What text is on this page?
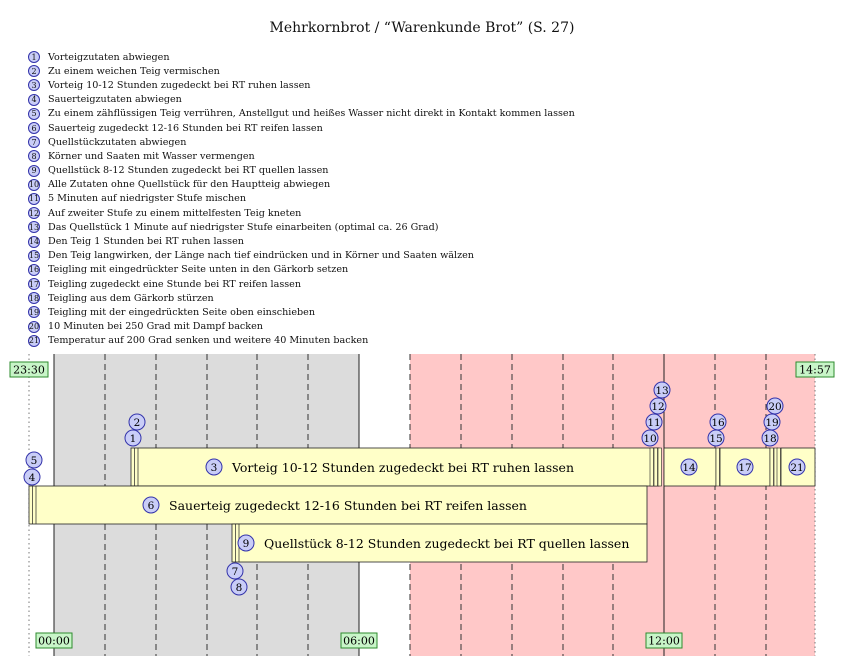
Mehrkornbrot / “Warenkunde Brot” (S. 27)
1	Vorteigzutaten abwiegen
2	Zu einem weichen Teig vermischen
3	Vorteig 10-12 Stunden zugedeckt bei RT ruhen lassen
4	Sauerteigzutaten abwiegen
5	Zu einem zähflüssigen Teig verrühren, Anstellgut und heißes Wasser nicht direkt in Kontakt kommen lassen
6	Sauerteig zugedeckt 12-16 Stunden bei RT reifen lassen
7	Quellstückzutaten abwiegen
8	Körner und Saaten mit Wasser vermengen
9	Quellstück 8-12 Stunden zugedeckt bei RT quellen lassen
10 Alle Zutaten ohne Quellstück für den Hauptteig abwiegen
11 5 Minuten auf niedrigster Stufe mischen
12 Auf zweiter Stufe zu einem mittelfesten Teig kneten
13 Das Quellstück 1 Minute auf niedrigster Stufe einarbeiten (optimal ca. 26 Grad)
14 Den Teig 1 Stunden bei RT ruhen lassen
15 Den Teig langwirken, der Länge nach tief eindrücken und in Körner und Saaten wälzen
16 Teigling mit eingedrückter Seite unten in den Gärkorb setzen
17 Teigling zugedeckt eine Stunde bei RT reifen lassen
18 Teigling aus dem Gärkorb stürzen
19 Teigling mit der eingedrückten Seite oben einschieben
20 10 Minuten bei 250 Grad mit Dampf backen
21 Temperatur auf 200 Grad senken und weitere 40 Minuten backen
3 Vorteig 10-12 Stunden zugedeckt bei RT ruhen lassen
6 Sauerteig zugedeckt 12-16 Stunden bei RT reifen lassen
9 Quellstück 8-12 Stunden zugedeckt bei RT quellen lassen
14	17	21
1
2
4
5
7
8
10
11
12
13
15
16
18
19
20
23:30	14:57
00:00	06:00	12:00
